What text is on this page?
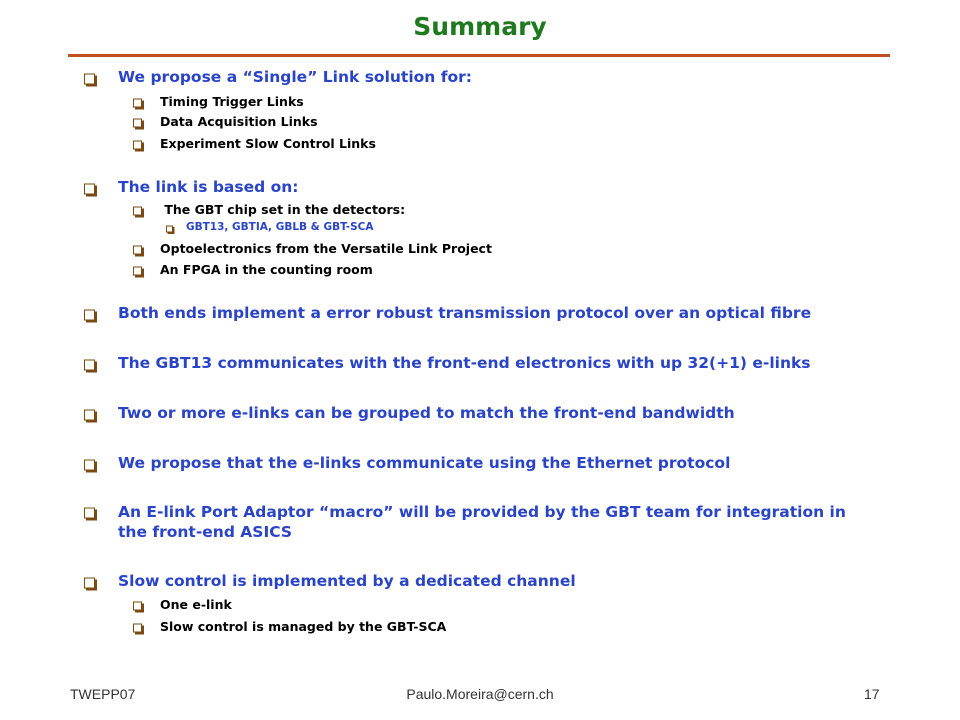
Summary
We propose a “Single” Link solution for:
Timing Trigger Links
Data Acquisition Links
Experiment Slow Control Links
The link is based on:
The GBT chip set in the detectors:
GBT13, GBTIA, GBLB & GBT-SCA
Optoelectronics from the Versatile Link Project
An FPGA in the counting room
Both ends implement a error robust transmission protocol over an optical fibre
The GBT13 communicates with the front-end electronics with up 32(+1) e-links
Two or more e-links can be grouped to match the front-end bandwidth
We propose that the e-links communicate using the Ethernet protocol
An E-link Port Adaptor “macro” will be provided by the GBT team for integration in the front-end ASICS
Slow control is implemented by a dedicated channel
One e-link
Slow control is managed by the GBT-SCA
TWEPP07	Paulo.Moreira@cern.ch	17
